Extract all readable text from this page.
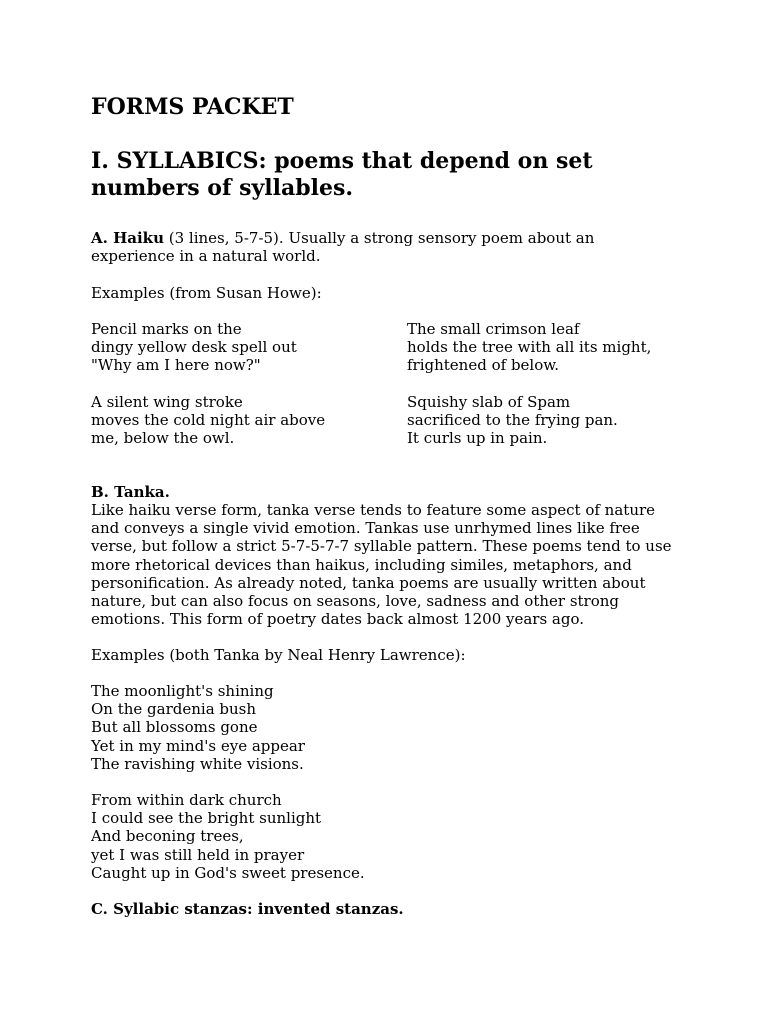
FORMS PACKET
I. SYLLABICS: poems that depend on set numbers of syllables.

A. Haiku (3 lines, 5-7-5). Usually a strong sensory poem about an experience in a natural world.

Examples (from Susan Howe):

Pencil marks on the
dingy yellow desk spell out
"Why am I here now?"
The small crimson leaf
holds the tree with all its might,
frightened of below.
A silent wing stroke
moves the cold night air above
me, below the owl.
Squishy slab of Spam
sacrificed to the frying pan.
It curls up in pain.

B. Tanka.

Like haiku verse form, tanka verse tends to feature some aspect of nature and conveys a single vivid emotion. Tankas use unrhymed lines like free verse, but follow a strict 5-7-5-7-7 syllable pattern. These poems tend to use more rhetorical devices than haikus, including similes, metaphors, and personification. As already noted, tanka poems are usually written about nature, but can also focus on seasons, love, sadness and other strong emotions. This form of poetry dates back almost 1200 years ago.

Examples (both Tanka by Neal Henry Lawrence):

The moonlight's shining
On the gardenia bush
But all blossoms gone
Yet in my mind's eye appear
The ravishing white visions.
From within dark church
I could see the bright sunlight
And beconing trees,
yet I was still held in prayer
Caught up in God's sweet presence.

C. Syllabic stanzas: invented stanzas.
